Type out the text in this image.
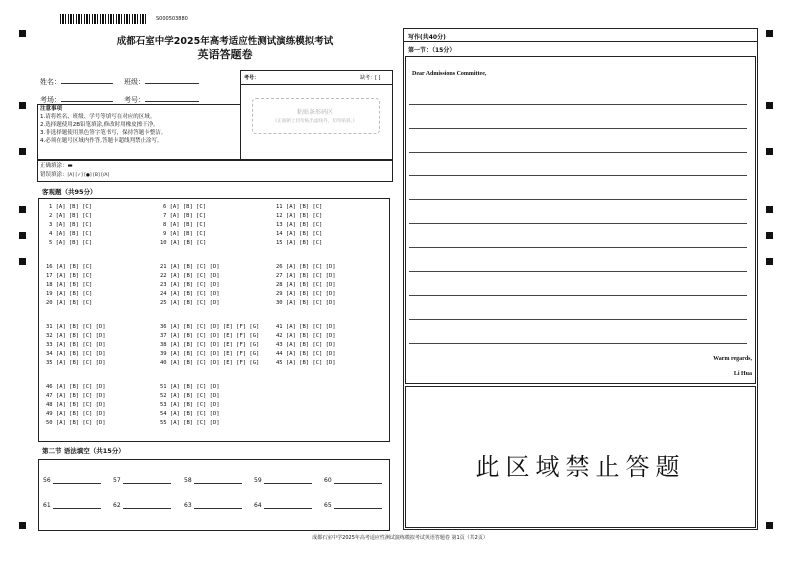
S000503880
成都石室中学2025年高考适应性测试演练模拟考试
英语答题卷
姓名：	班级：
考场：	考号：
考号：	缺考：[ ]
粘贴条形码区
(正面朝上切勿贴出虚线外，切勿贴斜。)
注意事项
1.请将姓名、班级、学号等填写在对应的区域。
2.选择题使用2B铅笔填涂,修改时用橡皮擦干净。
3.非选择题使用黑色签字笔书写，保持答题卡整洁。
4.必须在题号区域内作答,答题卡超线判禁止涂写。
正确填涂：▬
错误填涂：[A] [✓] [●] [B] [/A]
客观题（共95分）
1 [A] [B] [C]
2 [A] [B] [C]
3 [A] [B] [C]
4 [A] [B] [C]
5 [A] [B] [C]
6 [A] [B] [C]
7 [A] [B] [C]
8 [A] [B] [C]
9 [A] [B] [C]
10 [A] [B] [C]
11 [A] [B] [C]
12 [A] [B] [C]
13 [A] [B] [C]
14 [A] [B] [C]
15 [A] [B] [C]
16 [A] [B] [C]
17 [A] [B] [C]
18 [A] [B] [C]
19 [A] [B] [C]
20 [A] [B] [C]
21 [A] [B] [C] [D]
22 [A] [B] [C] [D]
23 [A] [B] [C] [D]
24 [A] [B] [C] [D]
25 [A] [B] [C] [D]
26 [A] [B] [C] [D]
27 [A] [B] [C] [D]
28 [A] [B] [C] [D]
29 [A] [B] [C] [D]
30 [A] [B] [C] [D]
31 [A] [B] [C] [D]
32 [A] [B] [C] [D]
33 [A] [B] [C] [D]
34 [A] [B] [C] [D]
35 [A] [B] [C] [D]
36 [A] [B] [C] [D] [E] [F] [G]
37 [A] [B] [C] [D] [E] [F] [G]
38 [A] [B] [C] [D] [E] [F] [G]
39 [A] [B] [C] [D] [E] [F] [G]
40 [A] [B] [C] [D] [E] [F] [G]
41 [A] [B] [C] [D]
42 [A] [B] [C] [D]
43 [A] [B] [C] [D]
44 [A] [B] [C] [D]
45 [A] [B] [C] [D]
46 [A] [B] [C] [D]
47 [A] [B] [C] [D]
48 [A] [B] [C] [D]
49 [A] [B] [C] [D]
50 [A] [B] [C] [D]
51 [A] [B] [C] [D]
52 [A] [B] [C] [D]
53 [A] [B] [C] [D]
54 [A] [B] [C] [D]
55 [A] [B] [C] [D]
第二节 语法填空（共15分）
56	57	58	59	60
61	62	63	64	65
写作(共40分)
第一节：（15分）
Dear Admissions Committee,
Warm regards,
Li Hua
此区域禁止答题
成都石室中学2025年高考适应性测试演练模拟考试英语答题卷 第1页（共2页）
